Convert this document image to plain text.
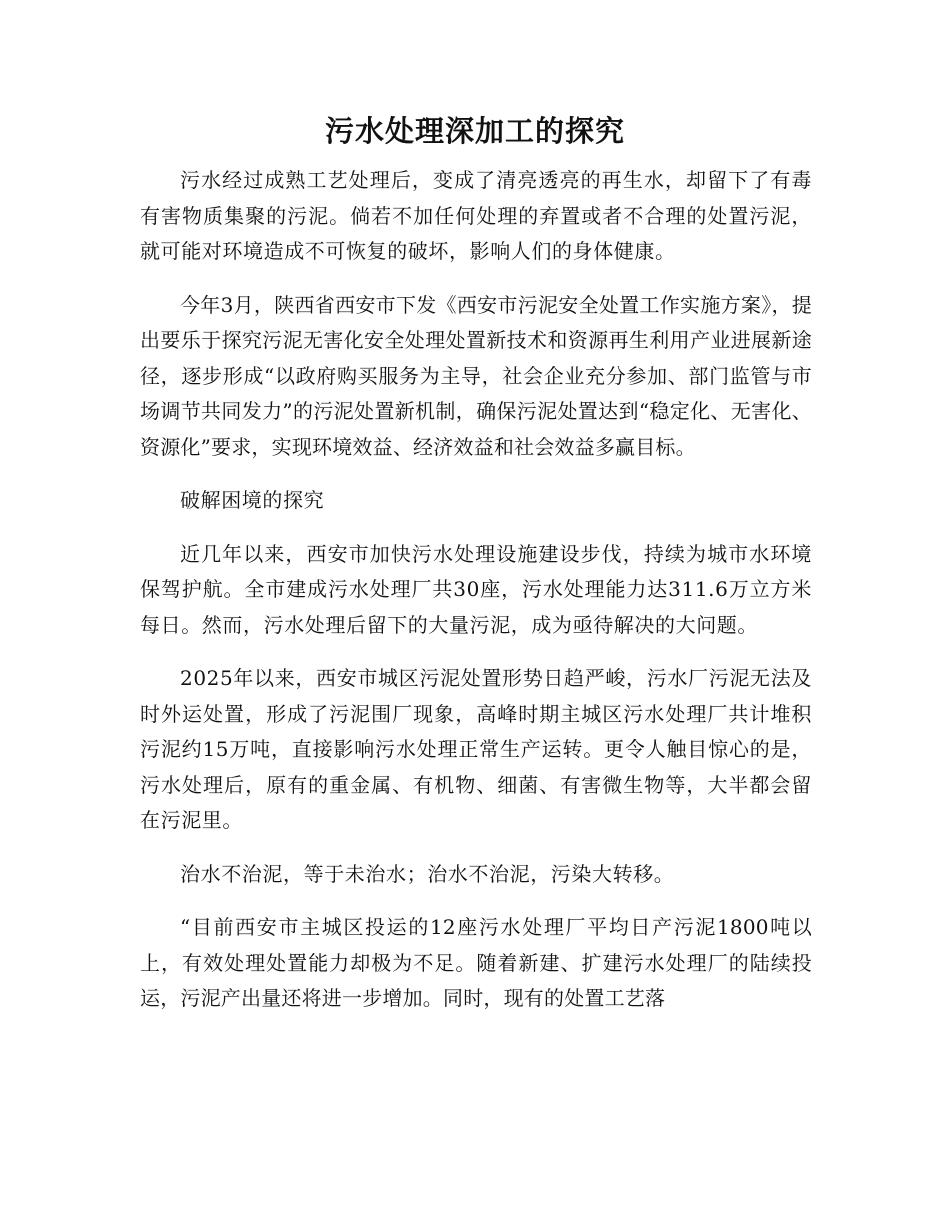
污水处理深加工的探究

污水经过成熟工艺处理后，变成了清亮透亮的再生水，却留下了有毒有害物质集聚的污泥。倘若不加任何处理的弃置或者不合理的处置污泥，就可能对环境造成不可恢复的破坏，影响人们的身体健康。

今年3月，陕西省西安市下发《西安市污泥安全处置工作实施方案》，提出要乐于探究污泥无害化安全处理处置新技术和资源再生利用产业进展新途径，逐步形成“以政府购买服务为主导，社会企业充分参加、部门监管与市场调节共同发力”的污泥处置新机制，确保污泥处置达到“稳定化、无害化、资源化”要求，实现环境效益、经济效益和社会效益多赢目标。

破解困境的探究

近几年以来，西安市加快污水处理设施建设步伐，持续为城市水环境保驾护航。全市建成污水处理厂共30座，污水处理能力达311.6万立方米每日。然而，污水处理后留下的大量污泥，成为亟待解决的大问题。

2025年以来，西安市城区污泥处置形势日趋严峻，污水厂污泥无法及时外运处置，形成了污泥围厂现象，高峰时期主城区污水处理厂共计堆积污泥约15万吨，直接影响污水处理正常生产运转。更令人触目惊心的是，污水处理后，原有的重金属、有机物、细菌、有害微生物等，大半都会留在污泥里。

治水不治泥，等于未治水；治水不治泥，污染大转移。

“目前西安市主城区投运的12座污水处理厂平均日产污泥1800吨以上，有效处理处置能力却极为不足。随着新建、扩建污水处理厂的陆续投运，污泥产出量还将进一步增加。同时，现有的处置工艺落
